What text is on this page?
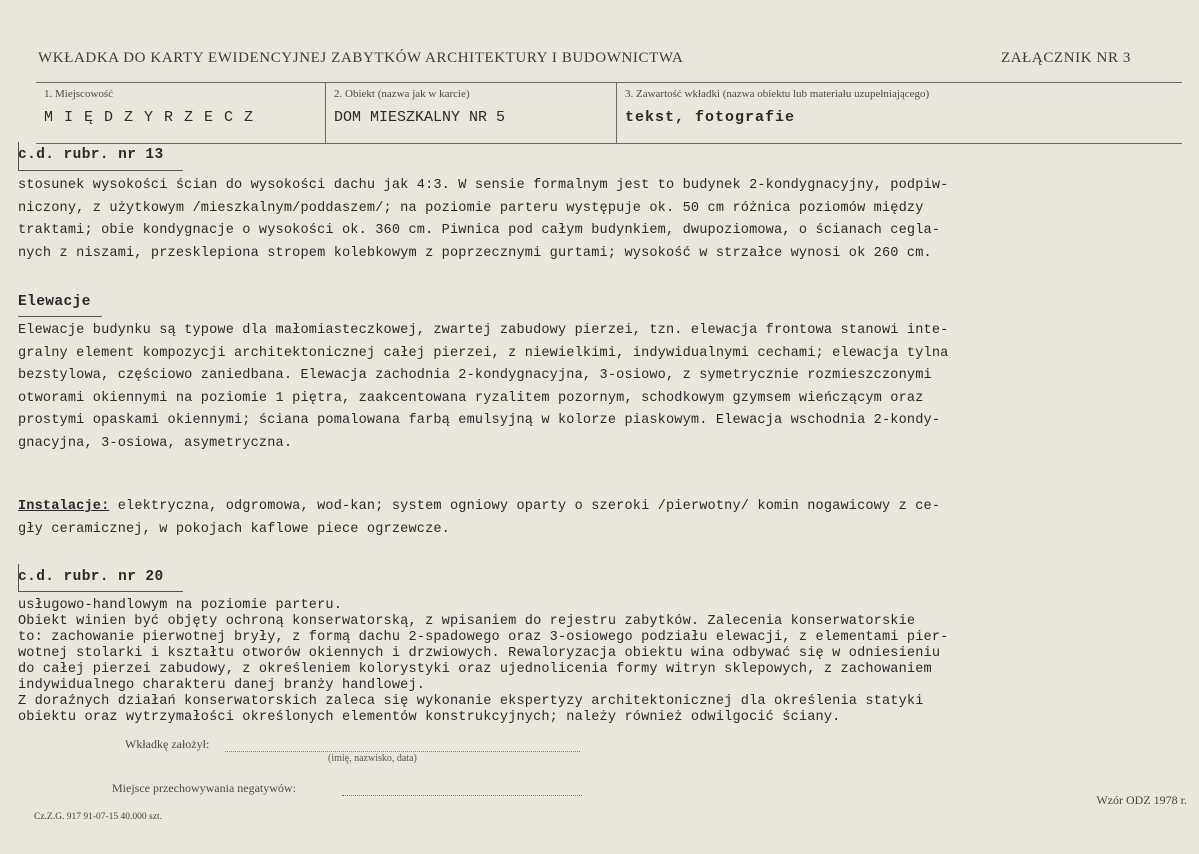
WKŁADKA DO KARTY EWIDENCYJNEJ ZABYTKÓW ARCHITEKTURY I BUDOWNICTWA	ZAŁĄCZNIK NR 3
1. Miejscowość
MIĘDZYRZECZ
2. Obiekt (nazwa jak w karcie)
DOM MIESZKALNY NR 5
3. Zawartość wkładki (nazwa obiektu lub materiału uzupełniającego)
tekst, fotografie
c.d. rubr. nr 13
stosunek wysokości ścian do wysokości dachu jak 4:3. W sensie formalnym jest to budynek 2-kondygnacyjny, podpiw-
niczony, z użytkowym /mieszkalnym/poddaszem/; na poziomie parteru występuje ok. 50 cm różnica poziomów między
traktami; obie kondygnacje o wysokości ok. 360 cm. Piwnica pod całym budynkiem, dwupoziomowa, o ścianach cegla-
nych z niszami, przesklepiona stropem kolebkowym z poprzecznymi gurtami; wysokość w strzałce wynosi ok 260 cm.
Elewacje
Elewacje budynku są typowe dla małomiasteczkowej, zwartej zabudowy pierzei, tzn. elewacja frontowa stanowi inte-
gralny element kompozycji architektonicznej całej pierzei, z niewielkimi, indywidualnymi cechami; elewacja tylna
bezstylowa, częściowo zaniedbana. Elewacja zachodnia 2-kondygnacyjna, 3-osiowo, z symetrycznie rozmieszczonymi
otworami okiennymi na poziomie 1 piętra, zaakcentowana ryzalitem pozornym, schodkowym gzymsem wieńczącym oraz
prostymi opaskami okiennymi; ściana pomalowana farbą emulsyjną w kolorze piaskowym. Elewacja wschodnia 2-kondy-
gnacyjna, 3-osiowa, asymetryczna.
Instalacje: elektryczna, odgromowa, wod-kan; system ogniowy oparty o szeroki /pierwotny/ komin nogawicowy z ce-
gły ceramicznej, w pokojach kaflowe piece ogrzewcze.
c.d. rubr. nr 20
usługowo-handlowym na poziomie parteru.
Obiekt winien być objęty ochroną konserwatorską, z wpisaniem do rejestru zabytków. Zalecenia konserwatorskie
to: zachowanie pierwotnej bryły, z formą dachu 2-spadowego oraz 3-osiowego podziału elewacji, z elementami pier-
wotnej stolarki i kształtu otworów okiennych i drzwiowych. Rewaloryzacja obiektu wina odbywać się w odniesieniu
do całej pierzei zabudowy, z określeniem kolorystyki oraz ujednolicenia formy witryn sklepowych, z zachowaniem
indywidualnego charakteru danej branży handlowej.
Z doraźnych działań konserwatorskich zaleca się wykonanie ekspertyzy architektonicznej dla określenia statyki
obiektu oraz wytrzymałości określonych elementów konstrukcyjnych; należy również odwilgocić ściany.
Wkładkę założył:
(imię, nazwisko, data)
Miejsce przechowywania negatywów:
Wzór ODZ 1978 r.
Cz.Z.G. 917 91-07-15 40.000 szt.
